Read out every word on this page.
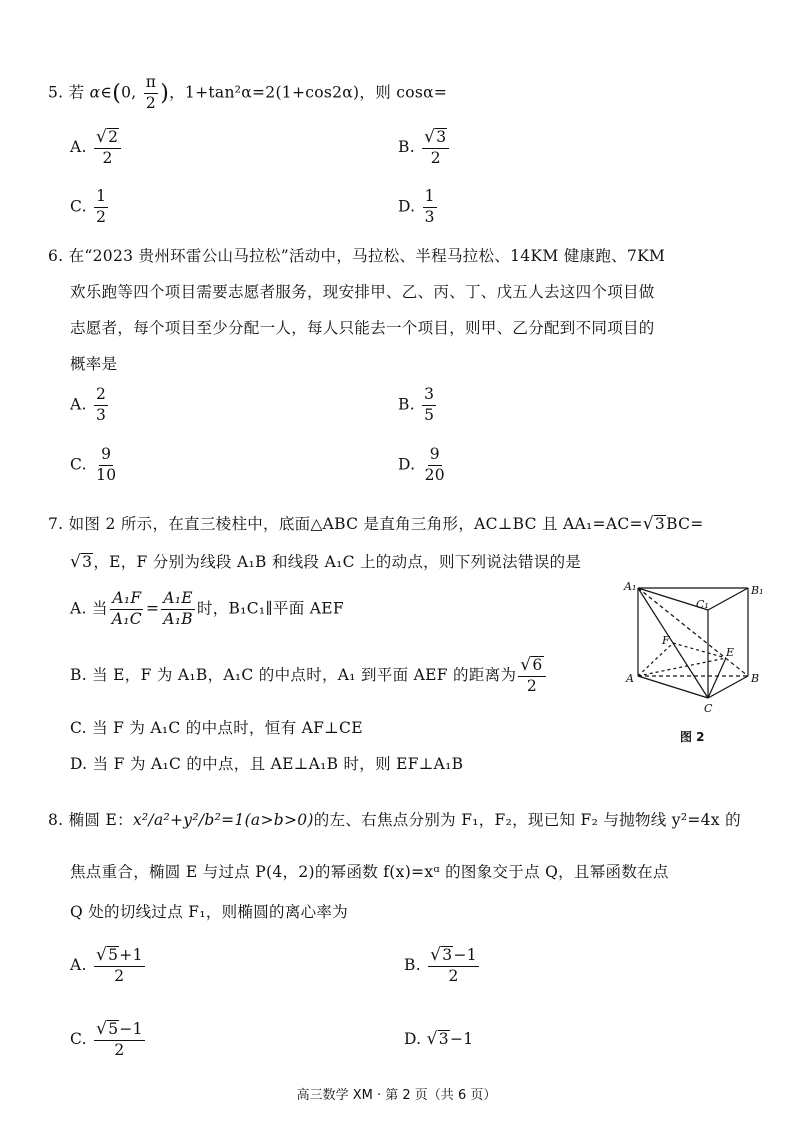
5. 若 α∈(0, $\frac{\pi}{2}$ )，1+tan²α=2(1+cos2α)，则 cosα=
A. $\frac{√ 2}{2}$	B. $\frac{√ 3}{2}$
C. $\frac{1}{2}$	D. $\frac{1}{3}$
6. 在“2023 贵州环雷公山马拉松”活动中，马拉松、半程马拉松、14KM 健康跑、7KM
欢乐跑等四个项目需要志愿者服务，现安排甲、乙、丙、丁、戊五人去这四个项目做
志愿者，每个项目至少分配一人，每人只能去一个项目，则甲、乙分配到不同项目的
概率是
A. $\frac{2}{3}$	B. $\frac{3}{5}$
C. $\frac{9}{10}$	D. $\frac{9}{20}$
7. 如图 2 所示，在直三棱柱中，底面△ABC 是直角三角形，AC⊥BC 且 AA₁=AC= √ 3 BC=
√ 3 ，E，F 分别为线段 A₁B 和线段 A₁C 上的动点，则下列说法错误的是
A. 当 $\frac{\text{A₁F}}{\text{A₁C}} = \frac{\text{A₁E}}{\text{A₁B}}$ 时，B₁C₁∥平面 AEF
B. 当 E，F 为 A₁B，A₁C 的中点时，A₁ 到平面 AEF 的距离为 $\frac{√ 6}{2}$
C. 当 F 为 A₁C 的中点时，恒有 AF⊥CE
D. 当 F 为 A₁C 的中点，且 AE⊥A₁B 时，则 EF⊥A₁B
A₁	B₁
C₁
A	B
C
E
F
图 2
8. 椭圆 E：x²/a²+y²/b²=1(a>b>0)的左、右焦点分别为 F₁，F₂，现已知 F₂ 与抛物线 y²=4x 的
焦点重合，椭圆 E 与过点 P(4，2)的幂函数 f(x)=xᵅ 的图象交于点 Q，且幂函数在点
Q 处的切线过点 F₁，则椭圆的离心率为
A. $\frac{√ 5 +1}{2}$	B. $\frac{√ 3 -1}{2}$
C. $\frac{√ 5 -1}{2}$	D. √ 3 −1
高三数学 XM · 第 2 页（共 6 页）
